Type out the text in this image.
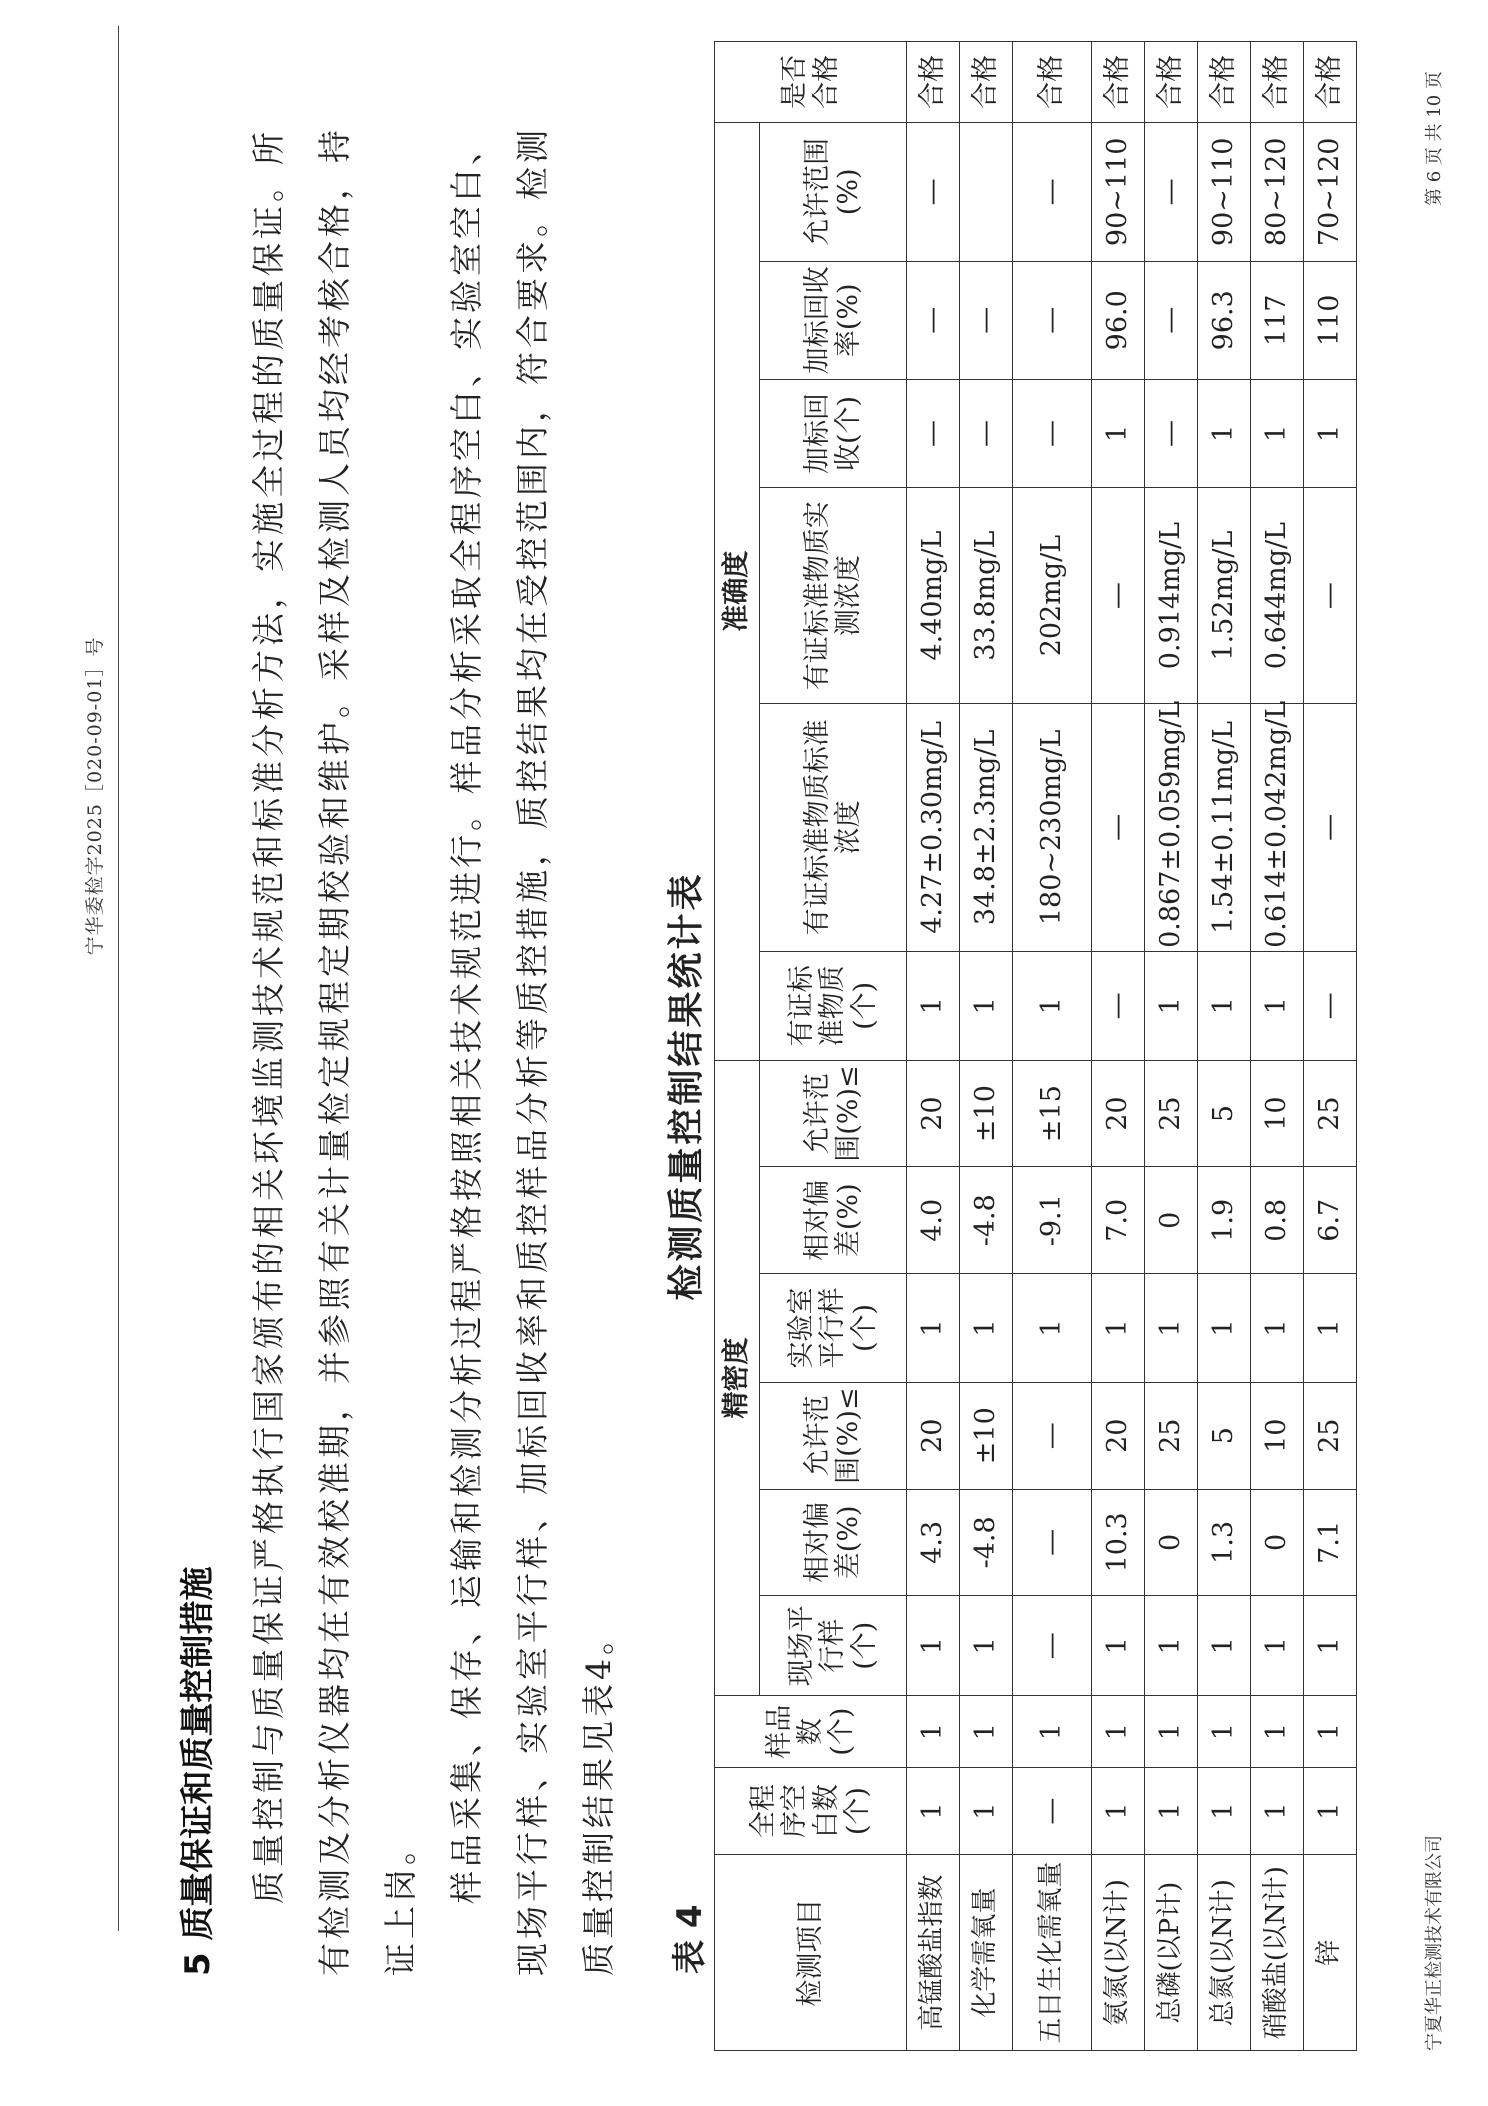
宁华委检字2025［020-09-01］号
5 质量保证和质量控制措施 质量控制与质量保证严格执行国家颁布的相关环境监测技术规范和标准分析方法，实施全过程的质量保证。所有检测及分析仪器均在有效校准期，并参照有关计量检定规程定期校验和维护。采样及检测人员均经考核合格，持证上岗。 样品采集、保存、运输和检测分析过程严格按照相关技术规范进行。样品分析采取全程序空白、实验室空白、现场平行样、实验室平行样、加标回收率和质控样品分析等质控措施，质控结果均在受控范围内，符合要求。检测质量控制结果见表4。	表 4
检测质量控制结果统计表
检测项目	全程序空白数(个)	样品数(个)	精密度						准确度						是否合格
			现场平行样(个)	相对偏差(%)	允许范围(%)≤	实验室平行样(个)	相对偏差(%)	允许范围(%)≤	有证标准物质(个)	有证标准物质标准浓度	有证标准物质实测浓度	加标回收(个)	加标回收率(%)	允许范围(%)	
高锰酸盐指数	1	1	1	4.3	20	1	4.0	20	1	4.27±0.30mg/L	4.40mg/L	—	—	—	合格
化学需氧量	1	1	1	-4.8	±10	1	-4.8	±10	1	34.8±2.3mg/L	33.8mg/L	—	—		合格
五日生化需氧量	—	1	—	—	—	1	-9.1	±15	1	180~230mg/L	202mg/L	—	—	—	合格
氨氮(以N计)	1	1	1	10.3	20	1	7.0	20	—	—	—	1	96.0	90~110	合格
总磷(以P计)	1	1	1	0	25	1	0	25	1	0.867±0.059mg/L	0.914mg/L	—	—	—	合格
总氮(以N计)	1	1	1	1.3	5	1	1.9	5	1	1.54±0.11mg/L	1.52mg/L	1	96.3	90~110	合格
硝酸盐(以N计)	1	1	1	0	10	1	0.8	10	1	0.614±0.042mg/L	0.644mg/L	1	117	80~120	合格
锌	1	1	1	7.1	25	1	6.7	25	—	—	—	1	110	70~120	合格
宁夏华正检测技术有限公司
第 6 页 共 10 页
